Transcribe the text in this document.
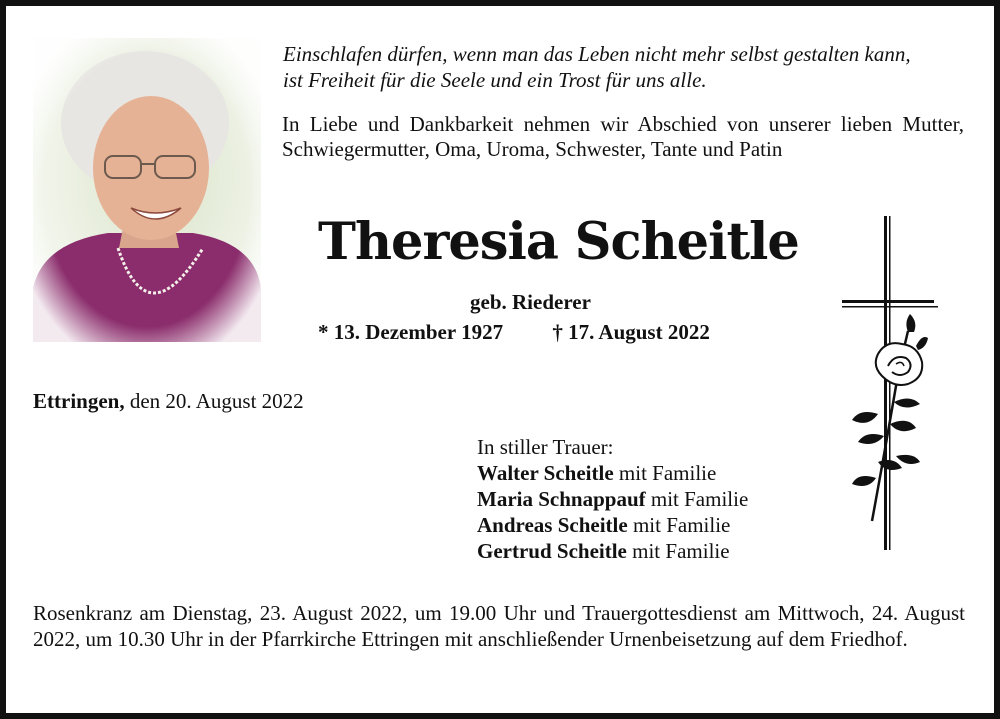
Einschlafen dürfen, wenn man das Leben nicht mehr selbst gestalten kann,
ist Freiheit für die Seele und ein Trost für uns alle.
In Liebe und Dankbarkeit nehmen wir Abschied von unserer lieben Mutter, Schwiegermutter, Oma, Uroma, Schwester, Tante und Patin
Theresia Scheitle
geb. Riederer
* 13. Dezember 1927 † 17. August 2022
Ettringen, den 20. August 2022
In stiller Trauer:
Walter Scheitle mit Familie
Maria Schnappauf mit Familie
Andreas Scheitle mit Familie
Gertrud Scheitle mit Familie
Rosenkranz am Dienstag, 23. August 2022, um 19.00 Uhr und Trauergottesdienst am Mittwoch, 24. August 2022, um 10.30 Uhr in der Pfarrkirche Ettringen mit anschließender Urnenbeisetzung auf dem Friedhof.
